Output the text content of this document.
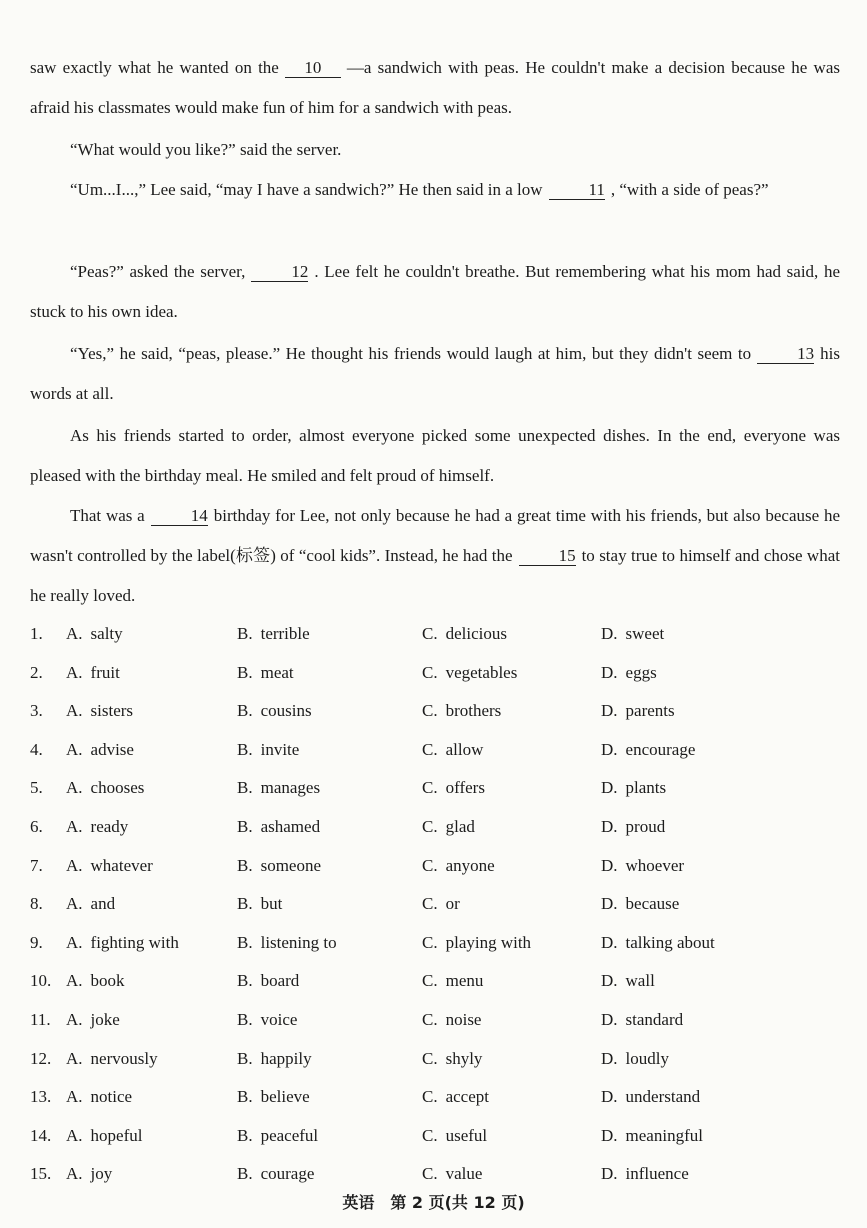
saw exactly what he wanted on the 10 —a sandwich with peas. He couldn't make a decision because he was afraid his classmates would make fun of him for a sandwich with peas.

“What would you like?” said the server.

“Um...I...,” Lee said, “may I have a sandwich?” He then said in a low	11 , “with a side of peas?”

“Peas?” asked the server,	12 . Lee felt he couldn't breathe. But remembering what his mom had said, he stuck to his own idea.

“Yes,” he said, “peas, please.” He thought his friends would laugh at him, but they didn't seem to	13 his words at all.

As his friends started to order, almost everyone picked some unexpected dishes. In the end, everyone was pleased with the birthday meal. He smiled and felt proud of himself.

That was a	14 birthday for Lee, not only because he had a great time with his friends, but also because he wasn't controlled by the label(标签) of “cool kids”. Instead, he had the	15 to stay true to himself and chose what he really loved.

1. A. salty	B. terrible	C. delicious	D. sweet
2. A. fruit	B. meat	C. vegetables	D. eggs
3. A. sisters	B. cousins	C. brothers	D. parents
4. A. advise	B. invite	C. allow	D. encourage
5. A. chooses	B. manages	C. offers	D. plants
6. A. ready	B. ashamed	C. glad	D. proud
7. A. whatever	B. someone	C. anyone	D. whoever
8. A. and	B. but	C. or	D. because
9. A. fighting with	B. listening to	C. playing with	D. talking about
10. A. book	B. board	C. menu	D. wall
11. A. joke	B. voice	C. noise	D. standard
12. A. nervously	B. happily	C. shyly	D. loudly
13. A. notice	B. believe	C. accept	D. understand
14. A. hopeful	B. peaceful	C. useful	D. meaningful
15. A. joy	B. courage	C. value	D. influence
英语　第 2 页(共 12 页)
